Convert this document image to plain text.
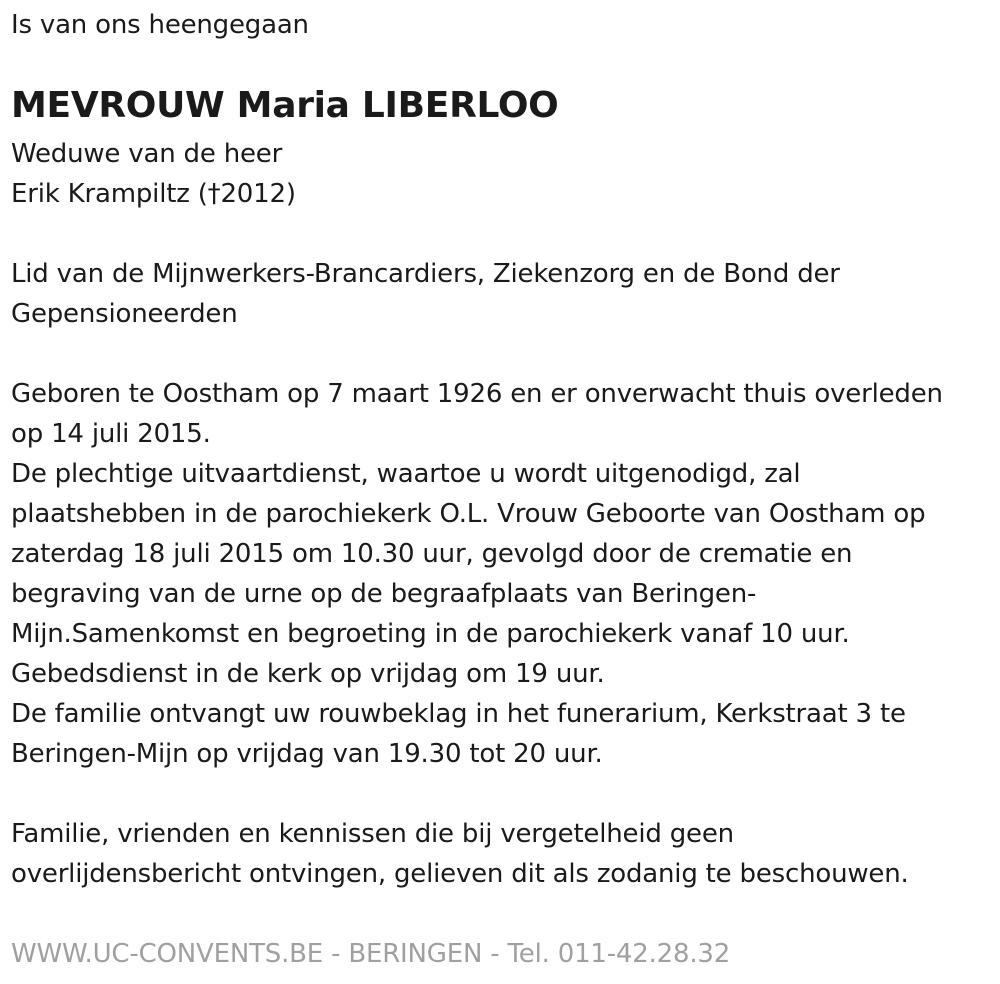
Is van ons heengegaan
MEVROUW Maria LIBERLOO
Weduwe van de heer
Erik Krampiltz (†2012)
Lid van de Mijnwerkers-Brancardiers, Ziekenzorg en de Bond der
Gepensioneerden
Geboren te Oostham op 7 maart 1926 en er onverwacht thuis overleden
op 14 juli 2015.
De plechtige uitvaartdienst, waartoe u wordt uitgenodigd, zal
plaatshebben in de parochiekerk O.L. Vrouw Geboorte van Oostham op
zaterdag 18 juli 2015 om 10.30 uur, gevolgd door de crematie en
begraving van de urne op de begraafplaats van Beringen-
Mijn.Samenkomst en begroeting in de parochiekerk vanaf 10 uur.
Gebedsdienst in de kerk op vrijdag om 19 uur.
De familie ontvangt uw rouwbeklag in het funerarium, Kerkstraat 3 te
Beringen-Mijn op vrijdag van 19.30 tot 20 uur.
Familie, vrienden en kennissen die bij vergetelheid geen
overlijdensbericht ontvingen, gelieven dit als zodanig te beschouwen.
WWW.UC-CONVENTS.BE - BERINGEN - Tel. 011-42.28.32
